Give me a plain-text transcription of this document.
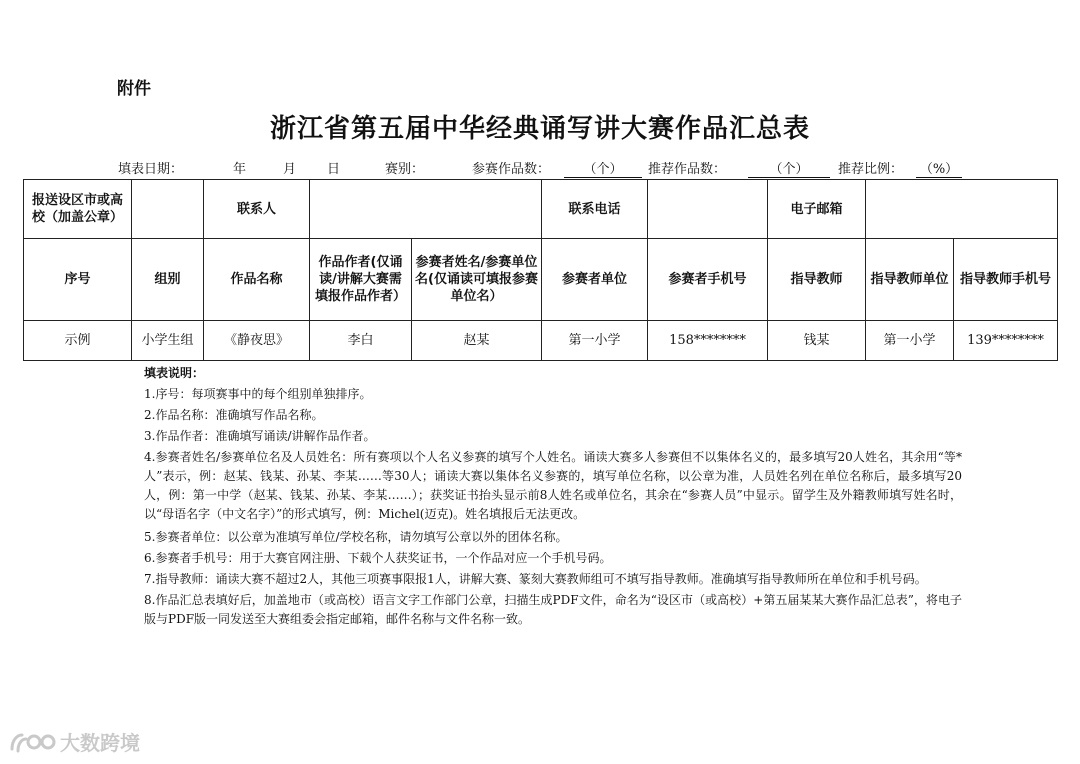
附件
浙江省第五届中华经典诵写讲大赛作品汇总表
填表日期：	年	月 日	赛别：	参赛作品数：	（个）	推荐作品数：	（个）	推荐比例： （%）
报送设区市或高校（加盖公章）		联系人			联系电话		电子邮箱		
序号	组别	作品名称	作品作者(仅诵读/讲解大赛需填报作品作者）	参赛者姓名/参赛单位名(仅诵读可填报参赛单位名）	参赛者单位	参赛者手机号	指导教师	指导教师单位	指导教师手机号
示例	小学生组	《静夜思》	李白	赵某	第一小学	158********	钱某	第一小学	139********

填表说明：

1.序号：每项赛事中的每个组别单独排序。

2.作品名称：准确填写作品名称。

3.作品作者：准确填写诵读/讲解作品作者。

4.参赛者姓名/参赛单位名及人员姓名：所有赛项以个人名义参赛的填写个人姓名。诵读大赛多人参赛但不以集体名义的，最多填写20人姓名，其余用“等*人”表示，例：赵某、钱某、孙某、李某……等30人；诵读大赛以集体名义参赛的，填写单位名称，以公章为准，人员姓名列在单位名称后，最多填写20人，例：第一中学（赵某、钱某、孙某、李某……）；获奖证书抬头显示前8人姓名或单位名，其余在“参赛人员”中显示。留学生及外籍教师填写姓名时，以“母语名字（中文名字）”的形式填写，例：Michel(迈克)。姓名填报后无法更改。

5.参赛者单位：以公章为准填写单位/学校名称，请勿填写公章以外的团体名称。

6.参赛者手机号：用于大赛官网注册、下载个人获奖证书，一个作品对应一个手机号码。

7.指导教师：诵读大赛不超过2人，其他三项赛事限报1人，讲解大赛、篆刻大赛教师组可不填写指导教师。准确填写指导教师所在单位和手机号码。

8.作品汇总表填好后，加盖地市（或高校）语言文字工作部门公章，扫描生成PDF文件，命名为“设区市（或高校）+第五届某某大赛作品汇总表”，将电子版与PDF版一同发送至大赛组委会指定邮箱，邮件名称与文件名称一致。

大数跨境
